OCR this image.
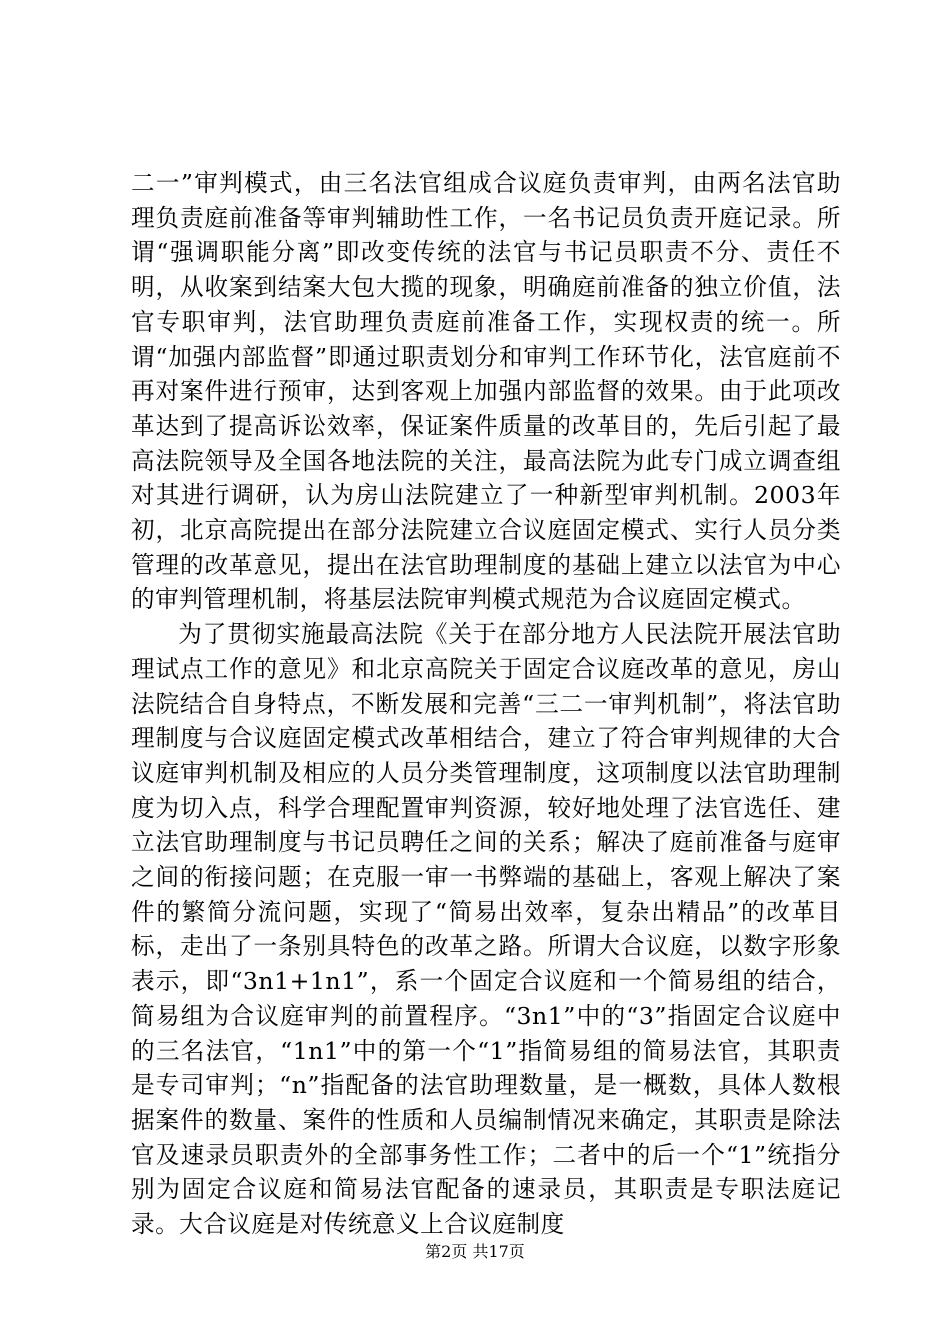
二一”审判模式，由三名法官组成合议庭负责审判，由两名法官助理负责庭前准备等审判辅助性工作，一名书记员负责开庭记录。所谓“强调职能分离”即改变传统的法官与书记员职责不分、责任不明，从收案到结案大包大揽的现象，明确庭前准备的独立价值，法官专职审判，法官助理负责庭前准备工作，实现权责的统一。所谓“加强内部监督”即通过职责划分和审判工作环节化，法官庭前不再对案件进行预审，达到客观上加强内部监督的效果。由于此项改革达到了提高诉讼效率，保证案件质量的改革目的，先后引起了最高法院领导及全国各地法院的关注，最高法院为此专门成立调查组对其进行调研，认为房山法院建立了一种新型审判机制。2003年初，北京高院提出在部分法院建立合议庭固定模式、实行人员分类管理的改革意见，提出在法官助理制度的基础上建立以法官为中心的审判管理机制，将基层法院审判模式规范为合议庭固定模式。

为了贯彻实施最高法院《关于在部分地方人民法院开展法官助理试点工作的意见》和北京高院关于固定合议庭改革的意见，房山法院结合自身特点，不断发展和完善“三二一审判机制”，将法官助理制度与合议庭固定模式改革相结合，建立了符合审判规律的大合议庭审判机制及相应的人员分类管理制度，这项制度以法官助理制度为切入点，科学合理配置审判资源，较好地处理了法官选任、建立法官助理制度与书记员聘任之间的关系；解决了庭前准备与庭审之间的衔接问题；在克服一审一书弊端的基础上，客观上解决了案件的繁简分流问题，实现了“简易出效率，复杂出精品”的改革目标，走出了一条别具特色的改革之路。所谓大合议庭，以数字形象表示，即“3n1+1n1”，系一个固定合议庭和一个简易组的结合，简易组为合议庭审判的前置程序。“3n1”中的“3”指固定合议庭中的三名法官，“1n1”中的第一个“1”指简易组的简易法官，其职责是专司审判；“n”指配备的法官助理数量，是一概数，具体人数根据案件的数量、案件的性质和人员编制情况来确定，其职责是除法官及速录员职责外的全部事务性工作；二者中的后一个“1”统指分别为固定合议庭和简易法官配备的速录员，其职责是专职法庭记录。大合议庭是对传统意义上合议庭制度

第2页 共17页
